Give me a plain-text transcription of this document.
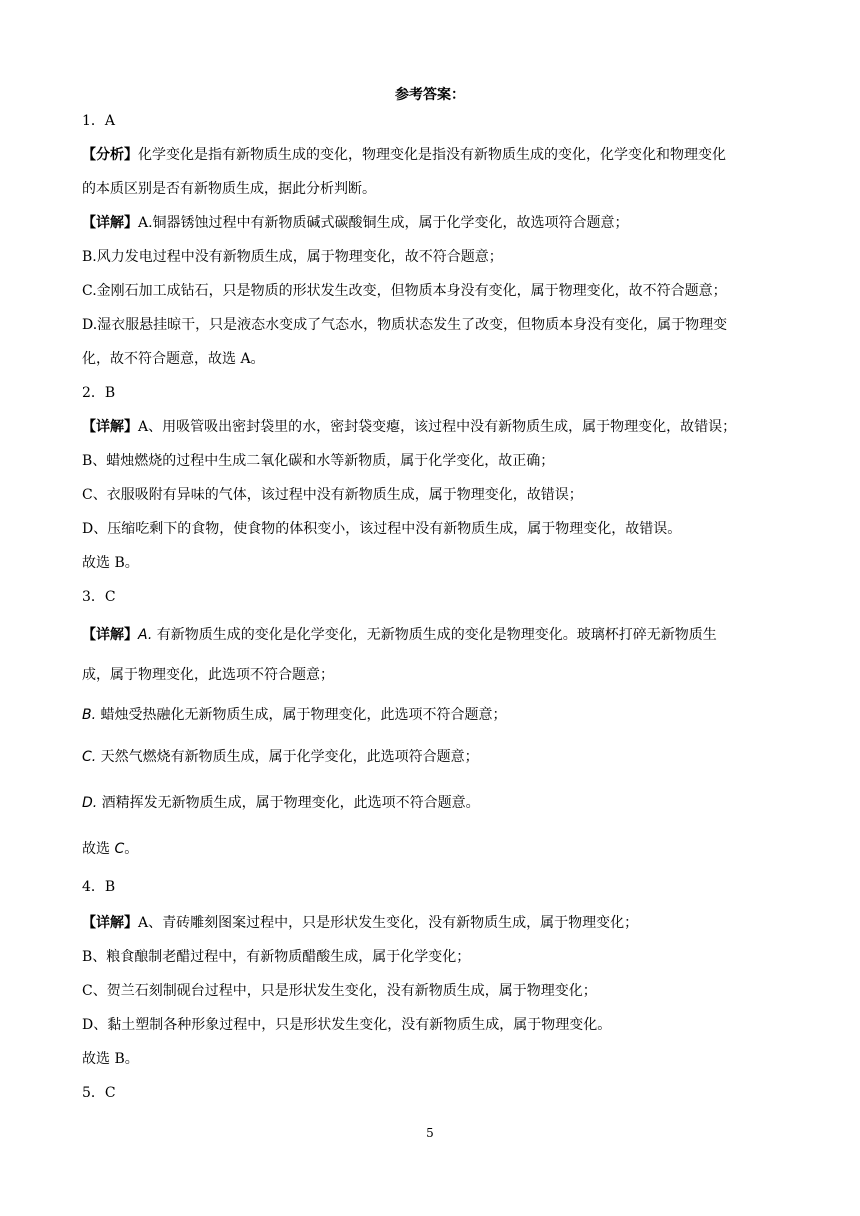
参考答案：
1．A
【分析】化学变化是指有新物质生成的变化，物理变化是指没有新物质生成的变化，化学变化和物理变化
的本质区别是否有新物质生成，据此分析判断。
【详解】A.铜器锈蚀过程中有新物质碱式碳酸铜生成，属于化学变化，故选项符合题意；
B.风力发电过程中没有新物质生成，属于物理变化，故不符合题意；
C.金刚石加工成钻石，只是物质的形状发生改变，但物质本身没有变化，属于物理变化，故不符合题意；
D.湿衣服悬挂晾干，只是液态水变成了气态水，物质状态发生了改变，但物质本身没有变化，属于物理变
化，故不符合题意，故选 A。
2．B
【详解】A、用吸管吸出密封袋里的水，密封袋变瘪，该过程中没有新物质生成，属于物理变化，故错误；
B、蜡烛燃烧的过程中生成二氧化碳和水等新物质，属于化学变化，故正确；
C、衣服吸附有异味的气体，该过程中没有新物质生成，属于物理变化，故错误；
D、压缩吃剩下的食物，使食物的体积变小，该过程中没有新物质生成，属于物理变化，故错误。
故选 B。
3．C
【详解】A. 有新物质生成的变化是化学变化，无新物质生成的变化是物理变化。玻璃杯打碎无新物质生
成，属于物理变化，此选项不符合题意；
B. 蜡烛受热融化无新物质生成，属于物理变化，此选项不符合题意；
C. 天然气燃烧有新物质生成，属于化学变化，此选项符合题意；
D. 酒精挥发无新物质生成，属于物理变化，此选项不符合题意。
故选 C。
4．B
【详解】A、青砖雕刻图案过程中，只是形状发生变化，没有新物质生成，属于物理变化；
B、粮食酿制老醋过程中，有新物质醋酸生成，属于化学变化；
C、贺兰石刻制砚台过程中，只是形状发生变化，没有新物质生成，属于物理变化；
D、黏土塑制各种形象过程中，只是形状发生变化，没有新物质生成，属于物理变化。
故选 B。
5．C
5
